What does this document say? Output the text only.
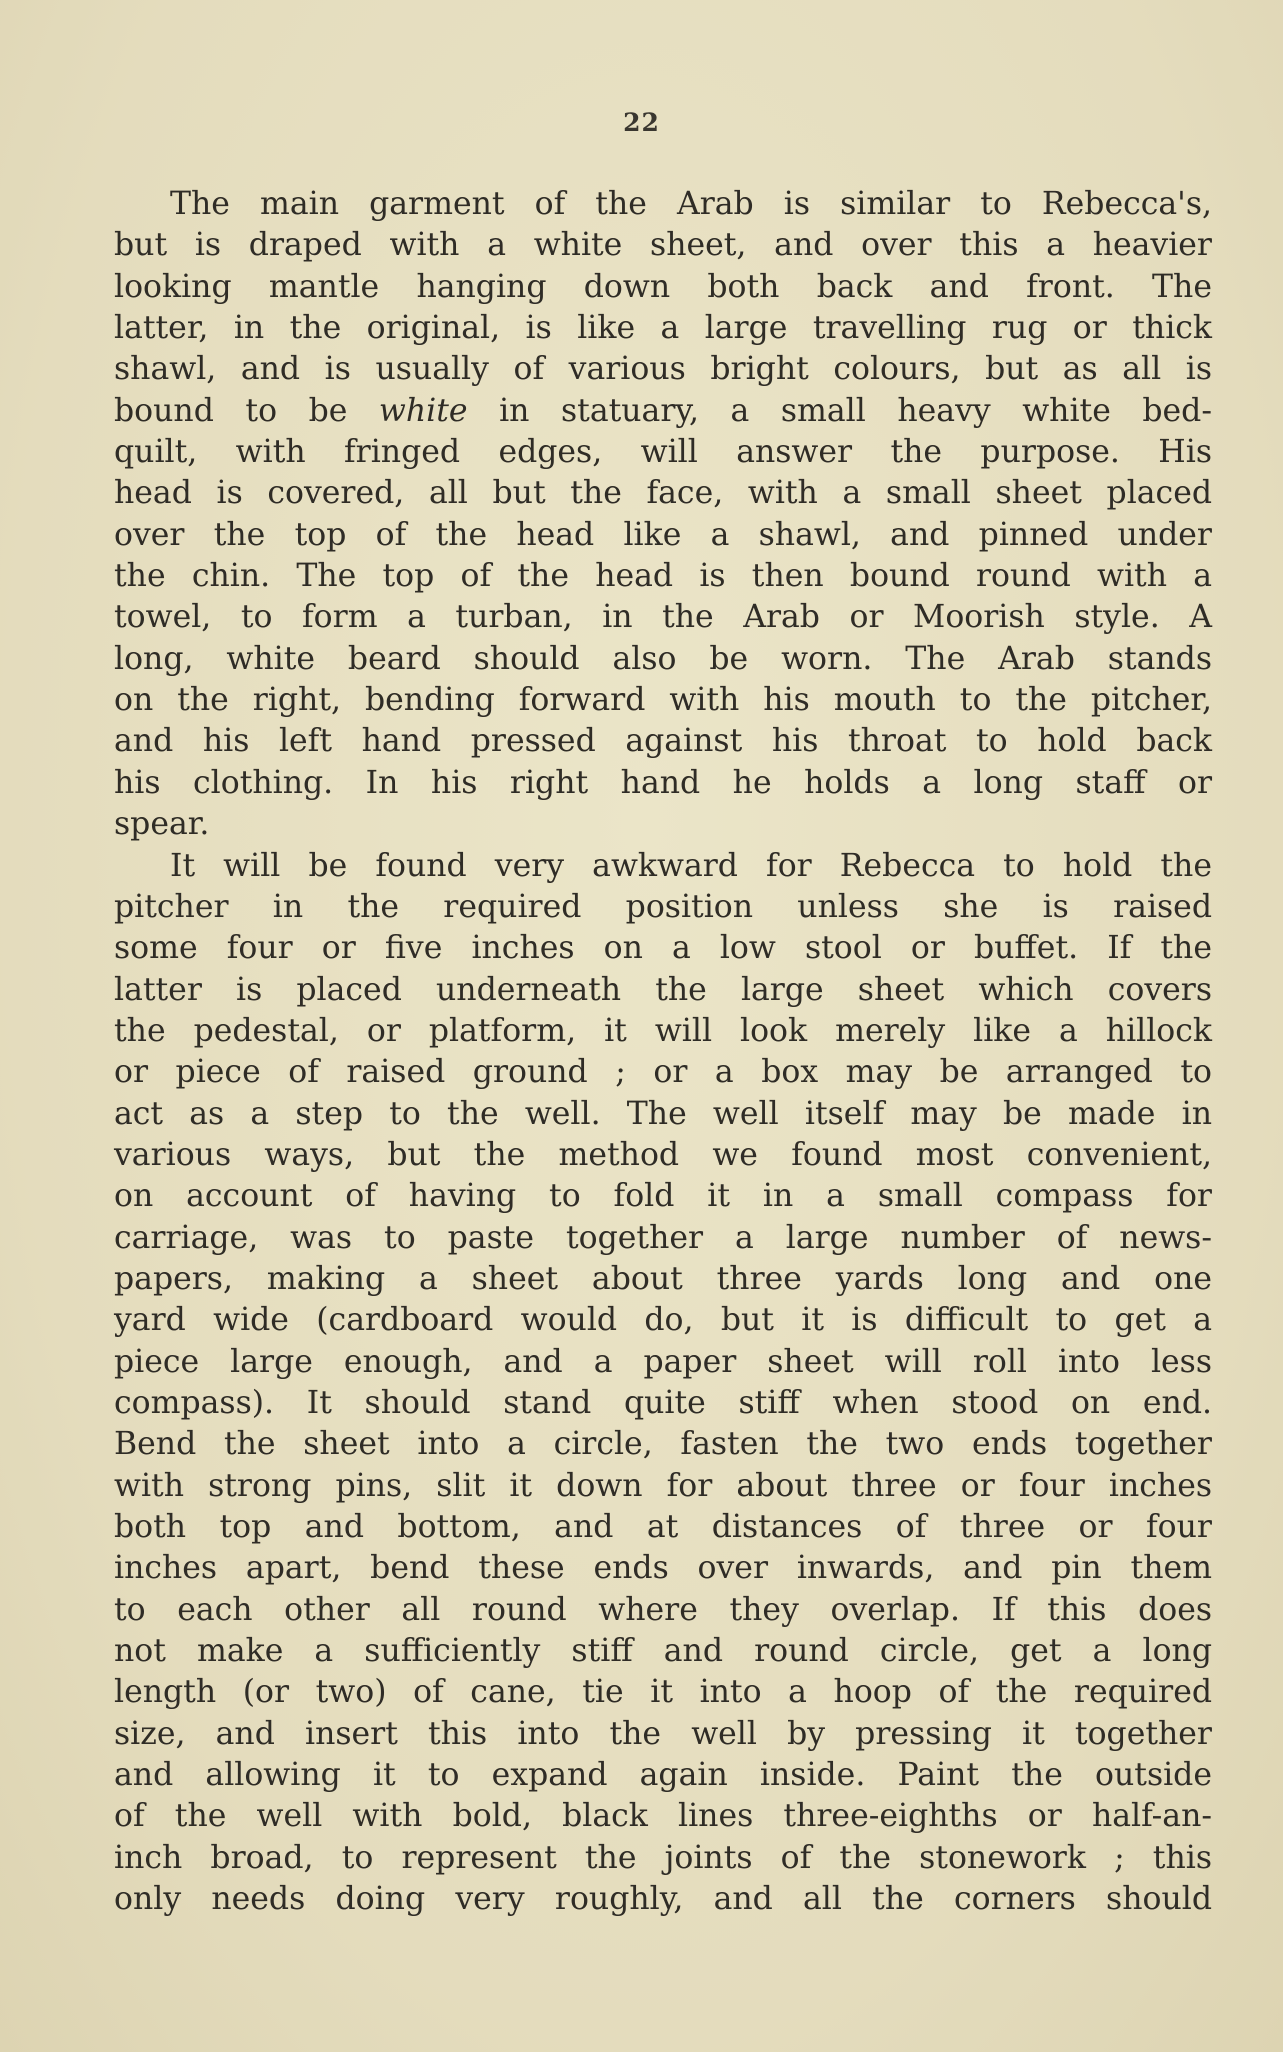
22
The main garment of the Arab is similar to Rebecca's,
but is draped with a white sheet, and over this a heavier
looking mantle hanging down both back and front. The
latter, in the original, is like a large travelling rug or thick
shawl, and is usually of various bright colours, but as all is
bound to be white in statuary, a small heavy white bed-
quilt, with fringed edges, will answer the purpose. His
head is covered, all but the face, with a small sheet placed
over the top of the head like a shawl, and pinned under
the chin. The top of the head is then bound round with a
towel, to form a turban, in the Arab or Moorish style. A
long, white beard should also be worn. The Arab stands
on the right, bending forward with his mouth to the pitcher,
and his left hand pressed against his throat to hold back
his clothing. In his right hand he holds a long staff or
spear.
It will be found very awkward for Rebecca to hold the
pitcher in the required position unless she is raised
some four or five inches on a low stool or buffet. If the
latter is placed underneath the large sheet which covers
the pedestal, or platform, it will look merely like a hillock
or piece of raised ground ; or a box may be arranged to
act as a step to the well. The well itself may be made in
various ways, but the method we found most convenient,
on account of having to fold it in a small compass for
carriage, was to paste together a large number of news-
papers, making a sheet about three yards long and one
yard wide (cardboard would do, but it is difficult to get a
piece large enough, and a paper sheet will roll into less
compass). It should stand quite stiff when stood on end.
Bend the sheet into a circle, fasten the two ends together
with strong pins, slit it down for about three or four inches
both top and bottom, and at distances of three or four
inches apart, bend these ends over inwards, and pin them
to each other all round where they overlap. If this does
not make a sufficiently stiff and round circle, get a long
length (or two) of cane, tie it into a hoop of the required
size, and insert this into the well by pressing it together
and allowing it to expand again inside. Paint the outside
of the well with bold, black lines three-eighths or half-an-
inch broad, to represent the joints of the stonework ; this
only needs doing very roughly, and all the corners should
